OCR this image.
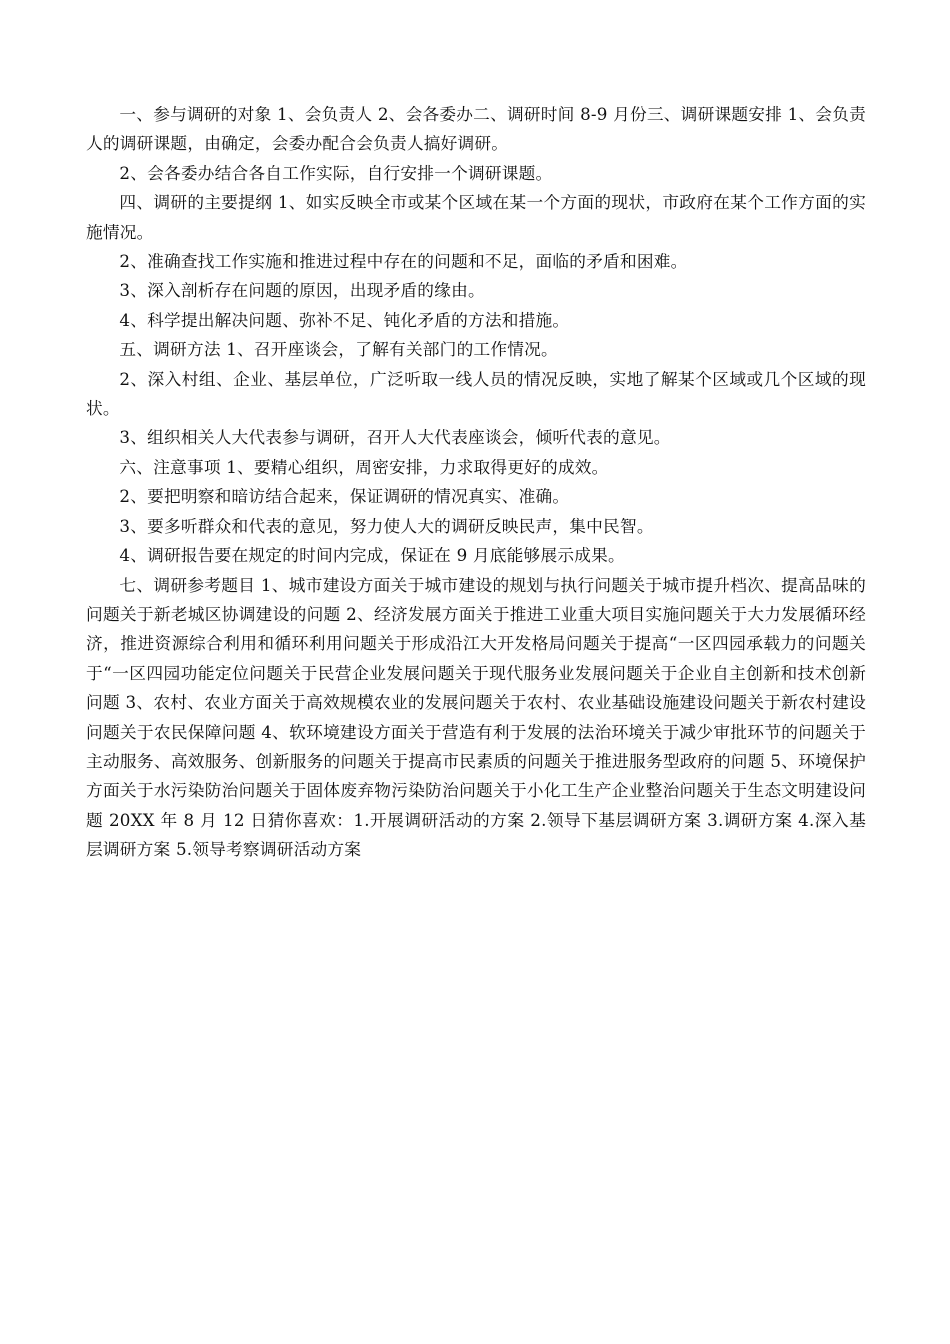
一、参与调研的对象 1、会负责人 2、会各委办二、调研时间 8-9 月份三、调研课题安排 1、会负责人的调研课题，由确定，会委办配合会负责人搞好调研。

2、会各委办结合各自工作实际，自行安排一个调研课题。

四、调研的主要提纲 1、如实反映全市或某个区域在某一个方面的现状，市政府在某个工作方面的实施情况。

2、准确查找工作实施和推进过程中存在的问题和不足，面临的矛盾和困难。

3、深入剖析存在问题的原因，出现矛盾的缘由。

4、科学提出解决问题、弥补不足、钝化矛盾的方法和措施。

五、调研方法 1、召开座谈会，了解有关部门的工作情况。

2、深入村组、企业、基层单位，广泛听取一线人员的情况反映，实地了解某个区域或几个区域的现状。

3、组织相关人大代表参与调研，召开人大代表座谈会，倾听代表的意见。

六、注意事项 1、要精心组织，周密安排，力求取得更好的成效。

2、要把明察和暗访结合起来，保证调研的情况真实、准确。

3、要多听群众和代表的意见，努力使人大的调研反映民声，集中民智。

4、调研报告要在规定的时间内完成，保证在 9 月底能够展示成果。

七、调研参考题目 1、城市建设方面关于城市建设的规划与执行问题关于城市提升档次、提高品味的问题关于新老城区协调建设的问题 2、经济发展方面关于推进工业重大项目实施问题关于大力发展循环经济，推进资源综合利用和循环利用问题关于形成沿江大开发格局问题关于提高“一区四园承载力的问题关于“一区四园功能定位问题关于民营企业发展问题关于现代服务业发展问题关于企业自主创新和技术创新问题 3、农村、农业方面关于高效规模农业的发展问题关于农村、农业基础设施建设问题关于新农村建设问题关于农民保障问题 4、软环境建设方面关于营造有利于发展的法治环境关于减少审批环节的问题关于主动服务、高效服务、创新服务的问题关于提高市民素质的问题关于推进服务型政府的问题 5、环境保护方面关于水污染防治问题关于固体废弃物污染防治问题关于小化工生产企业整治问题关于生态文明建设问题 20XX 年 8 月 12 日猜你喜欢：1.开展调研活动的方案 2.领导下基层调研方案 3.调研方案 4.深入基层调研方案 5.领导考察调研活动方案
